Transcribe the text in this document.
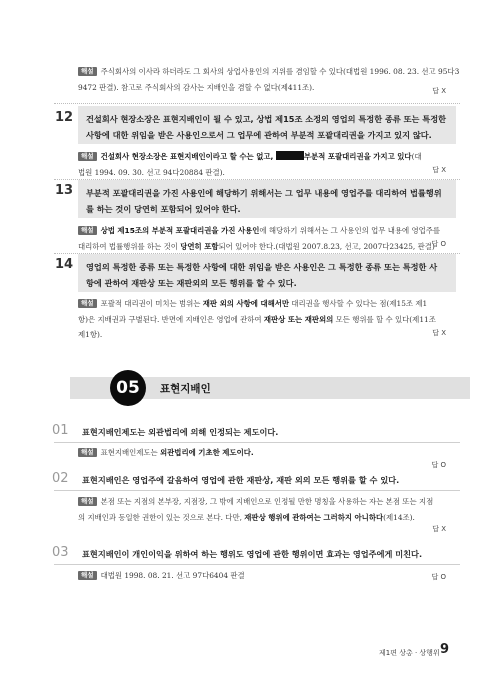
해설 주식회사의 이사라 하더라도 그 회사의 상업사용인의 지위를 겸임할 수 있다(대법원 1996. 08. 23. 선고 95다3
9472 판결). 참고로 주식회사의 감사는 지배인을 겸할 수 없다(제411조).	답 X
12 건설회사 현장소장은 표현지배인이 될 수 있고, 상법 제15조 소정의 영업의 특정한 종류 또는 특정한
사항에 대한 위임을 받은 사용인으로서 그 업무에 관하여 부분적 포괄대리권을 가지고 있지 않다.
해설 건설회사 현장소장은 표현지배인이라고 할 수는 없고,	부분적 포괄대리권을 가지고 있다(대
법원 1994. 09. 30. 선고 94다20884 판결).	답 X
13 부분적 포괄대리권을 가진 사용인에 해당하기 위해서는 그 업무 내용에 영업주를 대리하여 법률행위
를 하는 것이 당연히 포함되어 있어야 한다.
해설 상법 제15조의 부분적 포괄대리권을 가진 사용인에 해당하기 위해서는 그 사용인의 업무 내용에 영업주를
대리하여 법률행위를 하는 것이 당연히 포함되어 있어야 한다.(대법원 2007.8.23, 선고, 2007다23425, 판결)
답 O
14 영업의 특정한 종류 또는 특정한 사항에 대한 위임을 받은 사용인은 그 특정한 종류 또는 특정한 사
항에 관하여 재판상 또는 재판외의 모든 행위를 할 수 있다.
해설 포괄적 대리권이 미치는 범위는 재판 외의 사항에 대해서만 대리권을 행사할 수 있다는 점(제15조 제1
항)은 지배권과 구별된다. 반면에 지배인은 영업에 관하여 재판상 또는 재판외의 모든 행위를 할 수 있다(제11조
제1항).	답 X
05	표현지배인
01 표현지배인제도는 외관법리에 의해 인정되는 제도이다.
해설 표현지배인제도는 외관법리에 기초한 제도이다.
답 O
02 표현지배인은 영업주에 갈음하여 영업에 관한 재판상, 재판 외의 모든 행위를 할 수 있다.
해설 본점 또는 지점의 본부장, 지점장, 그 밖에 지배인으로 인정될 만한 명칭을 사용하는 자는 본점 또는 지점
의 지배인과 동일한 권한이 있는 것으로 본다. 다만, 재판상 행위에 관하여는 그러하지 아니하다(제14조).
답 X
03 표현지배인이 개인이익을 위하여 하는 행위도 영업에 관한 행위이면 효과는 영업주에게 미친다.
해설 대법원 1998. 08. 21. 선고 97다6404 판결	답 O
제1편 상총 · 상행위 9
